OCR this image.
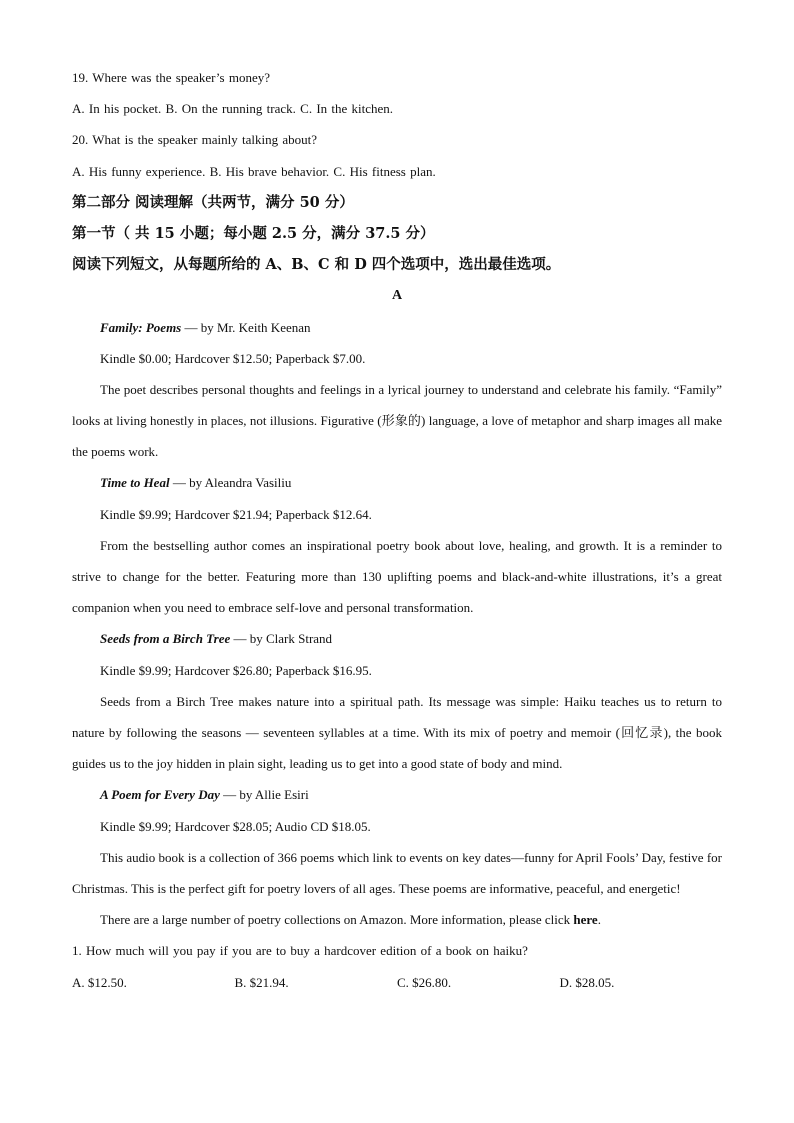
19. Where was the speaker’s money?
A. In his pocket. B. On the running track. C. In the kitchen.
20. What is the speaker mainly talking about?
A. His funny experience. B. His brave behavior. C. His fitness plan.
第二部分 阅读理解（共两节，满分 50 分）
第一节（ 共 15 小题；每小题 2.5 分，满分 37.5 分）
阅读下列短文，从每题所给的 A、B、C 和 D 四个选项中，选出最佳选项。
A
Family: Poems — by Mr. Keith Keenan
Kindle $0.00; Hardcover $12.50; Paperback $7.00.
The poet describes personal thoughts and feelings in a lyrical journey to understand and celebrate his family. “Family” looks at living honestly in places, not illusions. Figurative (形象的) language, a love of metaphor and sharp images all make the poems work.
Time to Heal — by Aleandra Vasiliu
Kindle $9.99; Hardcover $21.94; Paperback $12.64.
From the bestselling author comes an inspirational poetry book about love, healing, and growth. It is a reminder to strive to change for the better. Featuring more than 130 uplifting poems and black-and-white illustrations, it’s a great companion when you need to embrace self-love and personal transformation.
Seeds from a Birch Tree — by Clark Strand
Kindle $9.99; Hardcover $26.80; Paperback $16.95.
Seeds from a Birch Tree makes nature into a spiritual path. Its message was simple: Haiku teaches us to return to nature by following the seasons — seventeen syllables at a time. With its mix of poetry and memoir (回忆录), the book guides us to the joy hidden in plain sight, leading us to get into a good state of body and mind.
A Poem for Every Day — by Allie Esiri
Kindle $9.99; Hardcover $28.05; Audio CD $18.05.
This audio book is a collection of 366 poems which link to events on key dates—funny for April Fools’ Day, festive for Christmas. This is the perfect gift for poetry lovers of all ages. These poems are informative, peaceful, and energetic!
There are a large number of poetry collections on Amazon. More information, please click here.
1. How much will you pay if you are to buy a hardcover edition of a book on haiku?
A. $12.50.	B. $21.94.	C. $26.80.	D. $28.05.
